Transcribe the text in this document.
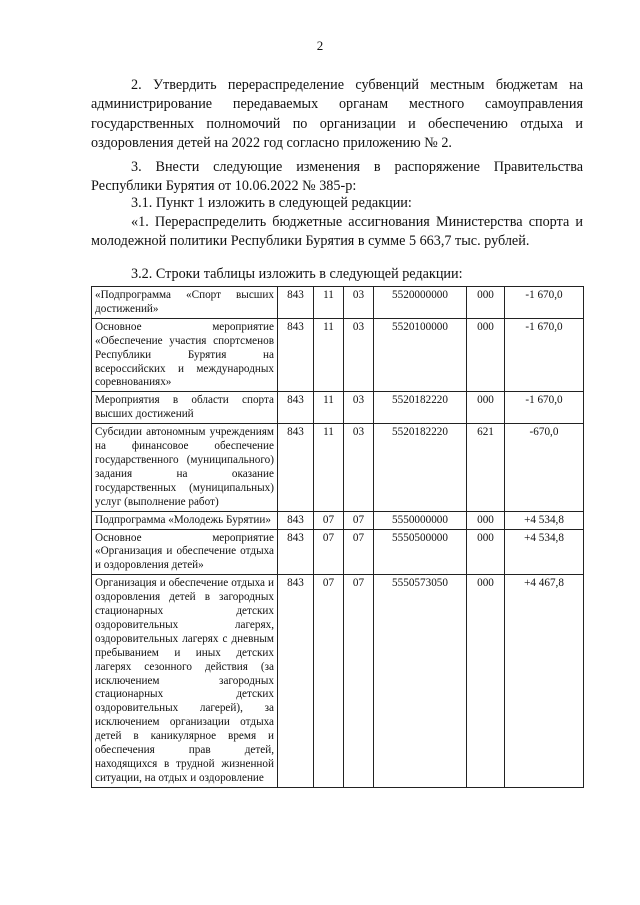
2

2. Утвердить перераспределение субвенций местным бюджетам на администрирование передаваемых органам местного самоуправления государственных полномочий по организации и обеспечению отдыха и оздоровления детей на 2022 год согласно приложению № 2.

3. Внести следующие изменения в распоряжение Правительства Республики Бурятия от 10.06.2022 № 385-р:

3.1. Пункт 1 изложить в следующей редакции:

«1. Перераспределить бюджетные ассигнования Министерства спорта и молодежной политики Республики Бурятия в сумме 5 663,7 тыс. рублей.

3.2. Строки таблицы изложить в следующей редакции:

«Подпрограмма «Спорт высших достижений»	843	11	03	5520000000	000	-1 670,0
Основное мероприятие «Обеспечение участия спортсменов Республики Бурятия на всероссийских и международных соревнованиях»	843	11	03	5520100000	000	-1 670,0
Мероприятия в области спорта высших достижений	843	11	03	5520182220	000	-1 670,0
Субсидии автономным учреждениям на финансовое обеспечение государственного (муниципального) задания на оказание государственных (муниципальных) услуг (выполнение работ)	843	11	03	5520182220	621	-670,0
Подпрограмма «Молодежь Бурятии»	843	07	07	5550000000	000	+4 534,8
Основное мероприятие «Организация и обеспечение отдыха и оздоровления детей»	843	07	07	5550500000	000	+4 534,8
Организация и обеспечение отдыха и оздоровления детей в загородных стационарных детских оздоровительных лагерях, оздоровительных лагерях с дневным пребыванием и иных детских лагерях сезонного действия (за исключением загородных стационарных детских оздоровительных лагерей), за исключением организации отдыха детей в каникулярное время и обеспечения прав детей, находящихся в трудной жизненной ситуации, на отдых и оздоровление	843	07	07	5550573050	000	+4 467,8
